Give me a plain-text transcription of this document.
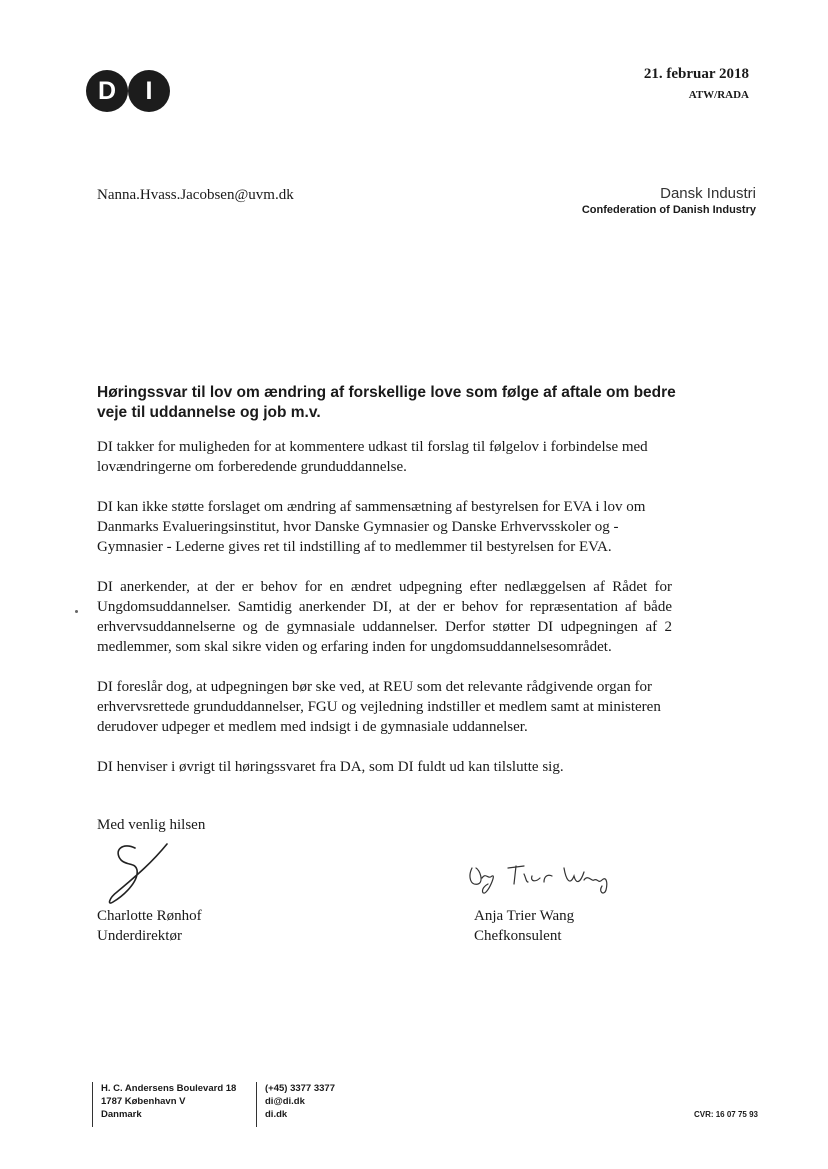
D	I
21. februar 2018
ATW/RADA
Nanna.Hvass.Jacobsen@uvm.dk	Dansk Industri
Confederation of Danish Industry
Høringssvar til lov om ændring af forskellige love som følge af aftale om bedre veje til uddannelse og job m.v.

DI takker for muligheden for at kommentere udkast til forslag til følgelov i forbindelse med lovændringerne om forberedende grunduddannelse.

DI kan ikke støtte forslaget om ændring af sammensætning af bestyrelsen for EVA i lov om Danmarks Evalueringsinstitut, hvor Danske Gymnasier og Danske Erhvervsskoler og -Gymnasier - Lederne gives ret til indstilling af to medlemmer til bestyrelsen for EVA.

DI anerkender, at der er behov for en ændret udpegning efter nedlæggelsen af Rådet for Ungdomsuddannelser. Samtidig anerkender DI, at der er behov for repræsentation af både erhvervsuddannelserne og de gymnasiale uddannelser. Derfor støtter DI udpegningen af 2 medlemmer, som skal sikre viden og erfaring inden for ungdomsuddannelsesområdet.

DI foreslår dog, at udpegningen bør ske ved, at REU som det relevante rådgivende organ for erhvervsrettede grunduddannelser, FGU og vejledning indstiller et medlem samt at ministeren derudover udpeger et medlem med indsigt i de gymnasiale uddannelser.

DI henviser i øvrigt til høringssvaret fra DA, som DI fuldt ud kan tilslutte sig.

Med venlig hilsen
Charlotte Rønhof
Underdirektør
Anja Trier Wang
Chefkonsulent
H. C. Andersens Boulevard 18
1787 København V
Danmark
(+45) 3377 3377
di@di.dk
di.dk	CVR: 16 07 75 93
